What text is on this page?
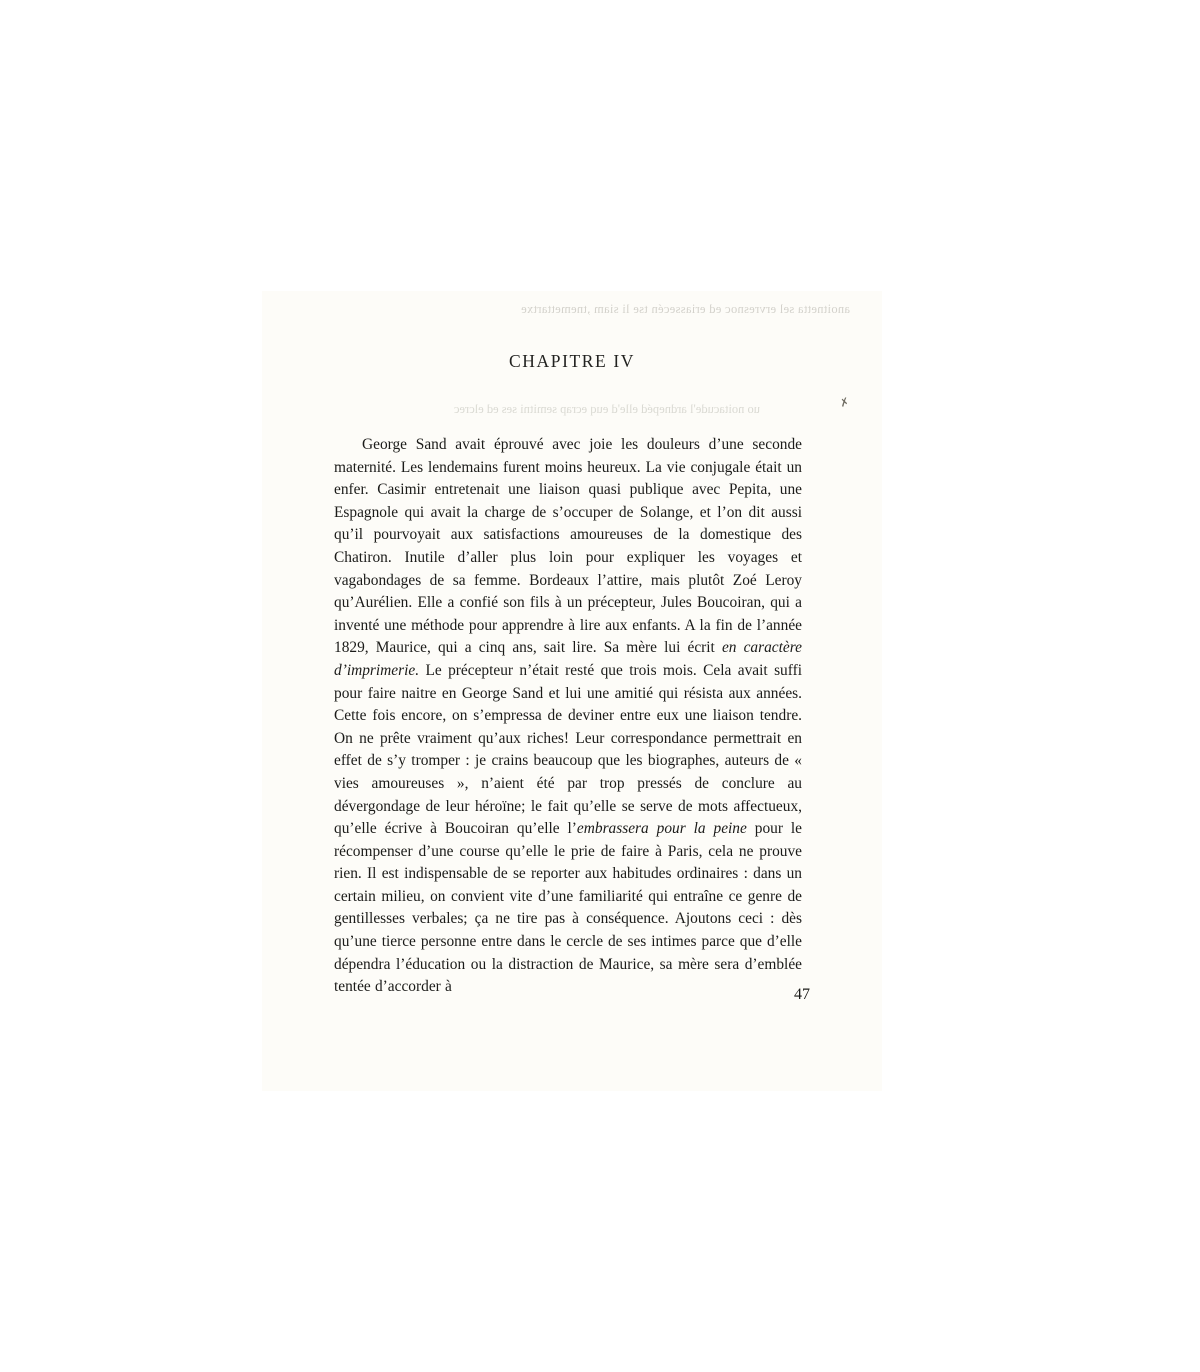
anoitnetta sel ervresnoc ed eriassecén tse li siam ,tnemettartxe
uo noitacude'l ardnepéd elle'd euq ecrap semitni ses ed elcrec
CHAPITRE IV
✗
George Sand avait éprouvé avec joie les douleurs d’une seconde maternité. Les lendemains furent moins heureux. La vie conjugale était un enfer. Casimir entretenait une liaison quasi publique avec Pepita, une Espagnole qui avait la charge de s’occuper de Solange, et l’on dit aussi qu’il pourvoyait aux satisfactions amoureuses de la domestique des Chatiron. Inutile d’aller plus loin pour expliquer les voyages et vagabondages de sa femme. Bordeaux l’attire, mais plutôt Zoé Leroy qu’Aurélien. Elle a confié son fils à un précepteur, Jules Boucoiran, qui a inventé une méthode pour apprendre à lire aux enfants. A la fin de l’année 1829, Maurice, qui a cinq ans, sait lire. Sa mère lui écrit en caractère d’imprimerie. Le précepteur n’était resté que trois mois. Cela avait suffi pour faire naitre en George Sand et lui une amitié qui résista aux années. Cette fois encore, on s’empressa de deviner entre eux une liaison tendre. On ne prête vraiment qu’aux riches! Leur correspondance permettrait en effet de s’y tromper : je crains beaucoup que les biographes, auteurs de « vies amoureuses », n’aient été par trop pressés de conclure au dévergondage de leur héroïne; le fait qu’elle se serve de mots affectueux, qu’elle écrive à Boucoiran qu’elle l’embrassera pour la peine pour le récompenser d’une course qu’elle le prie de faire à Paris, cela ne prouve rien. Il est indispensable de se reporter aux habitudes ordinaires : dans un certain milieu, on convient vite d’une familiarité qui entraîne ce genre de gentillesses verbales; ça ne tire pas à conséquence. Ajoutons ceci : dès qu’une tierce personne entre dans le cercle de ses intimes parce que d’elle dépendra l’éducation ou la distraction de Maurice, sa mère sera d’emblée tentée d’accorder à	47
